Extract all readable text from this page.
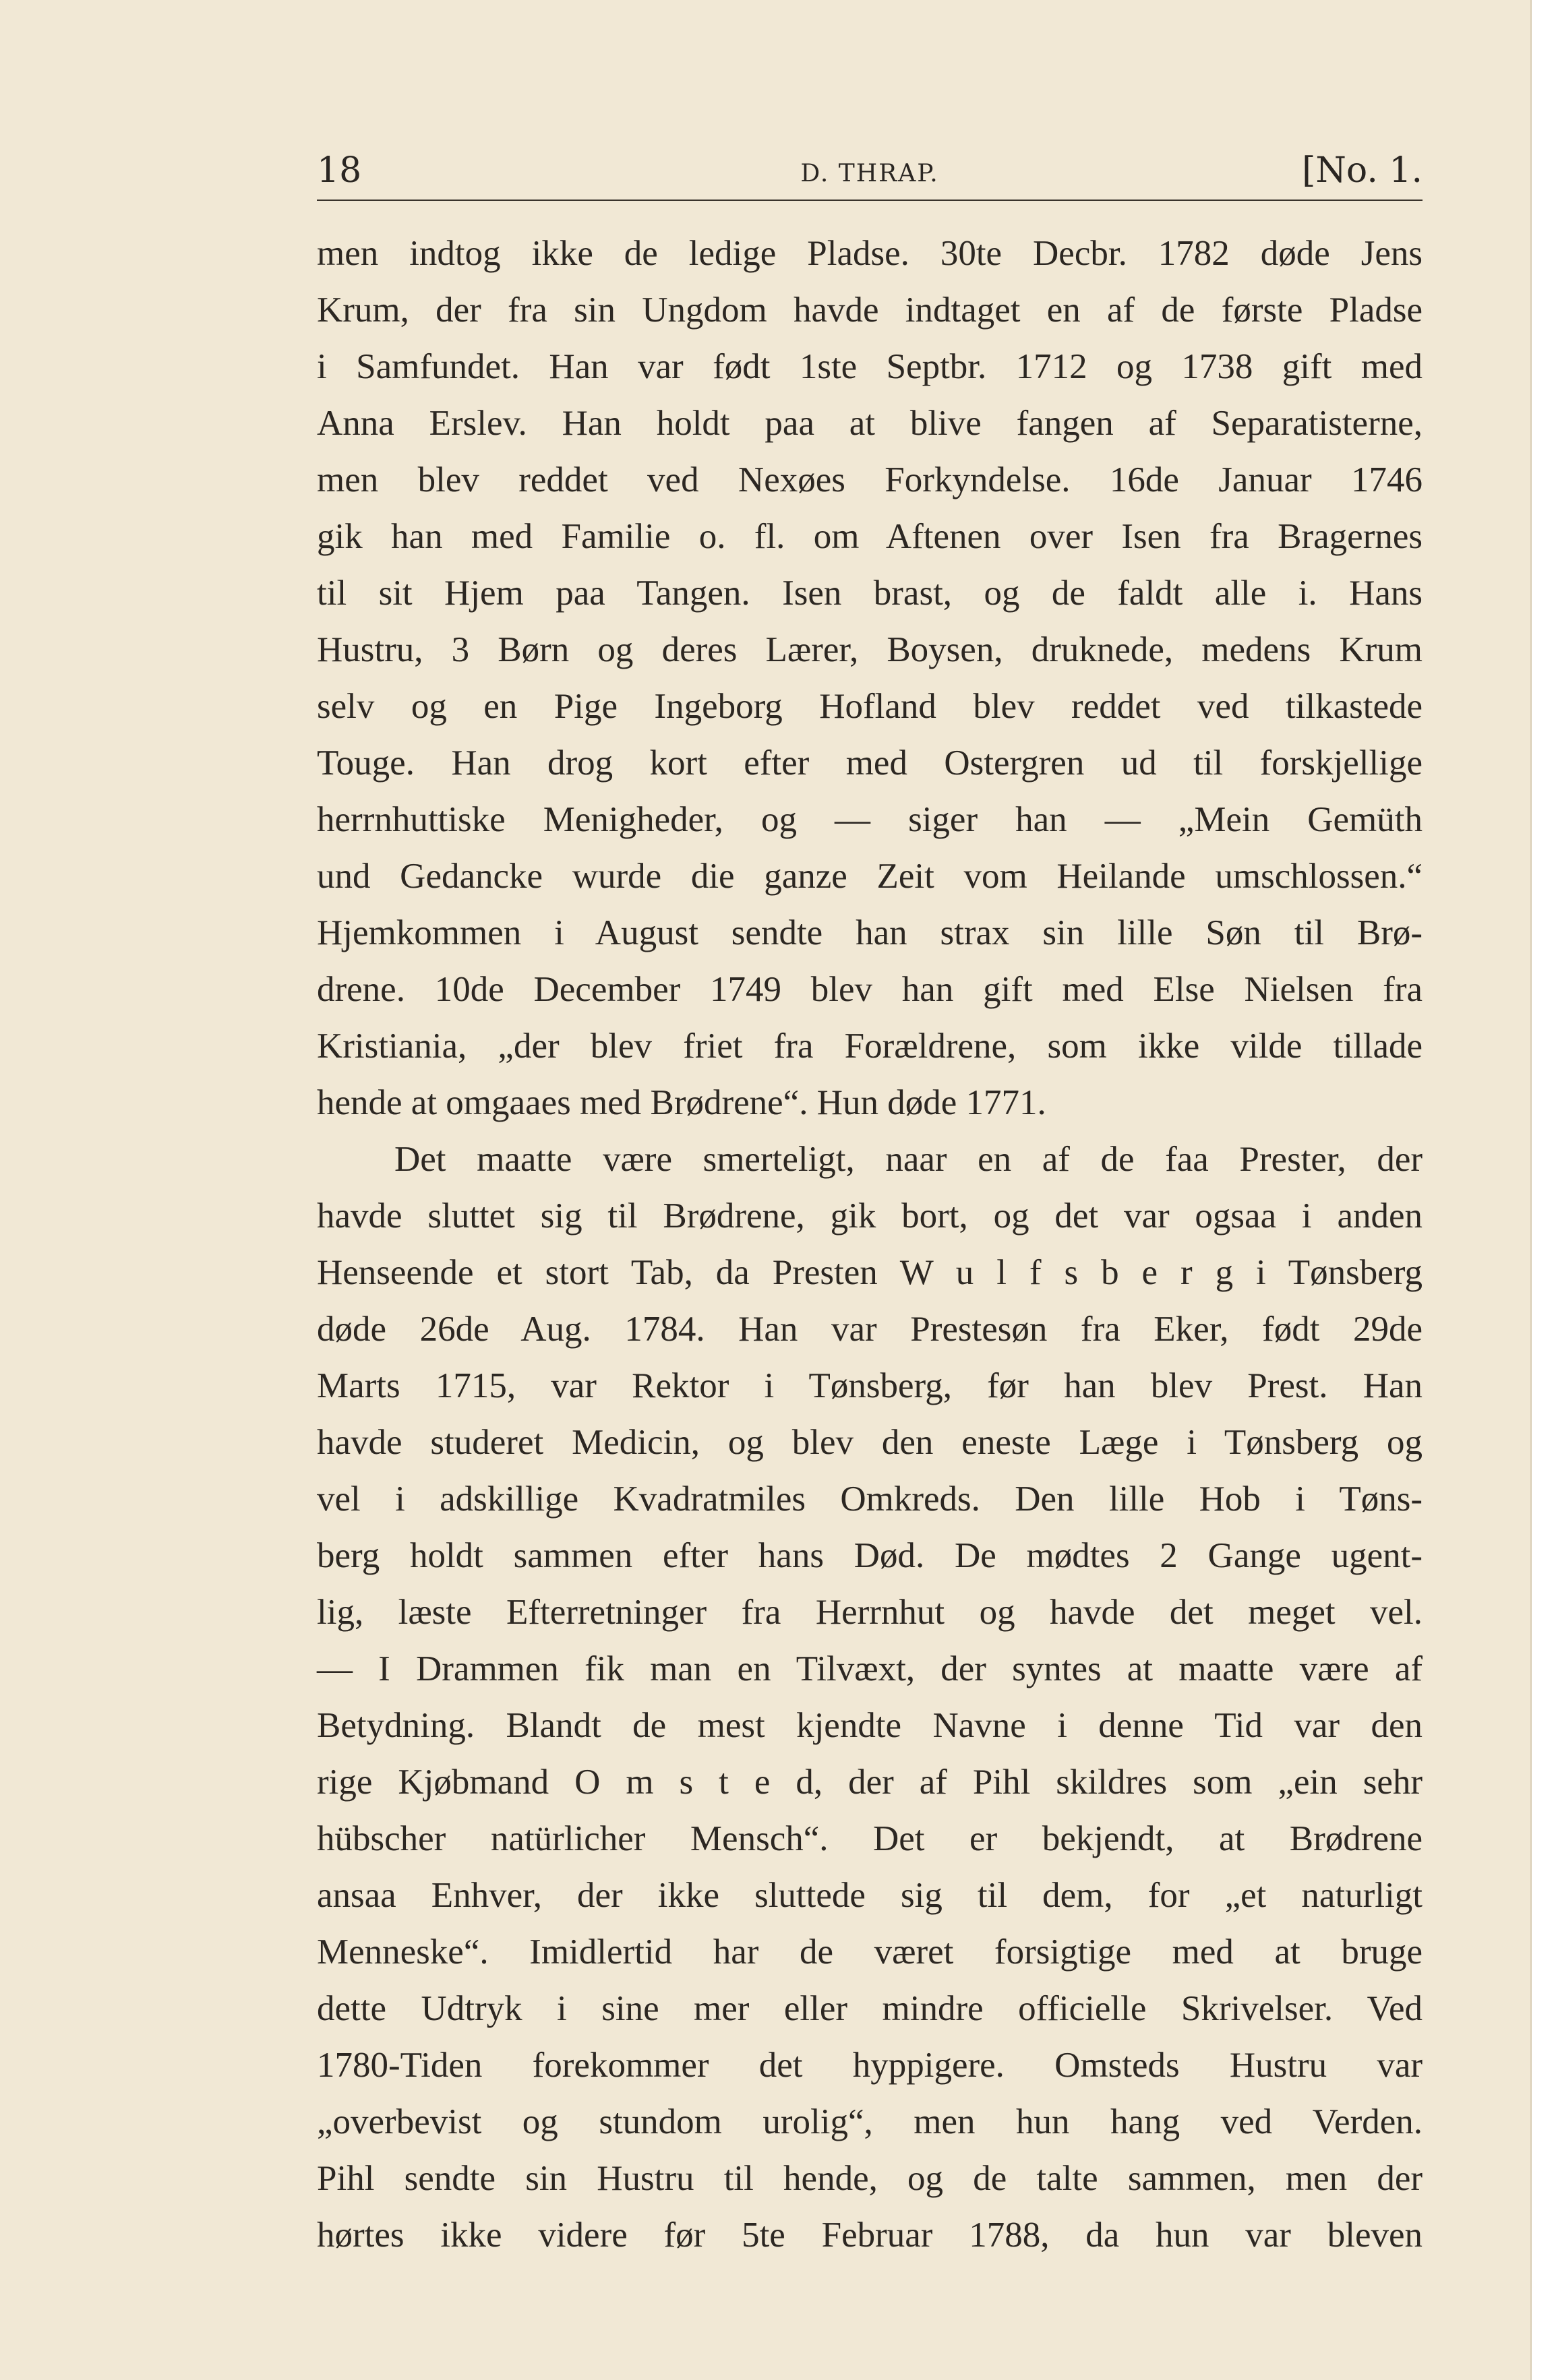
18	D. THRAP.	[No. 1.
men indtog ikke de ledige Pladse. 30te Decbr. 1782 døde Jens
Krum, der fra sin Ungdom havde indtaget en af de første Pladse
i Samfundet. Han var født 1ste Septbr. 1712 og 1738 gift med
Anna Erslev. Han holdt paa at blive fangen af Separatisterne,
men blev reddet ved Nexøes Forkyndelse. 16de Januar 1746
gik han med Familie o. fl. om Aftenen over Isen fra Bragernes
til sit Hjem paa Tangen. Isen brast, og de faldt alle i. Hans
Hustru, 3 Børn og deres Lærer, Boysen, druknede, medens Krum
selv og en Pige Ingeborg Hofland blev reddet ved tilkastede
Touge. Han drog kort efter med Ostergren ud til forskjellige
herrnhuttiske Menigheder, og — siger han — „Mein Gemüth
und Gedancke wurde die ganze Zeit vom Heilande umschlossen.“
Hjemkommen i August sendte han strax sin lille Søn til Brø-
drene. 10de December 1749 blev han gift med Else Nielsen fra
Kristiania, „der blev friet fra Forældrene, som ikke vilde tillade
hende at omgaaes med Brødrene“. Hun døde 1771.
Det maatte være smerteligt, naar en af de faa Prester, der
havde sluttet sig til Brødrene, gik bort, og det var ogsaa i anden
Henseende et stort Tab, da Presten W u l f s b e r g i Tønsberg
døde 26de Aug. 1784. Han var Prestesøn fra Eker, født 29de
Marts 1715, var Rektor i Tønsberg, før han blev Prest. Han
havde studeret Medicin, og blev den eneste Læge i Tønsberg og
vel i adskillige Kvadratmiles Omkreds. Den lille Hob i Tøns-
berg holdt sammen efter hans Død. De mødtes 2 Gange ugent-
lig, læste Efterretninger fra Herrnhut og havde det meget vel.
— I Drammen fik man en Tilvæxt, der syntes at maatte være af
Betydning. Blandt de mest kjendte Navne i denne Tid var den
rige Kjøbmand O m s t e d, der af Pihl skildres som „ein sehr
hübscher natürlicher Mensch“. Det er bekjendt, at Brødrene
ansaa Enhver, der ikke sluttede sig til dem, for „et naturligt
Menneske“. Imidlertid har de været forsigtige med at bruge
dette Udtryk i sine mer eller mindre officielle Skrivelser. Ved
1780-Tiden forekommer det hyppigere. Omsteds Hustru var
„overbevist og stundom urolig“, men hun hang ved Verden.
Pihl sendte sin Hustru til hende, og de talte sammen, men der
hørtes ikke videre før 5te Februar 1788, da hun var bleven
